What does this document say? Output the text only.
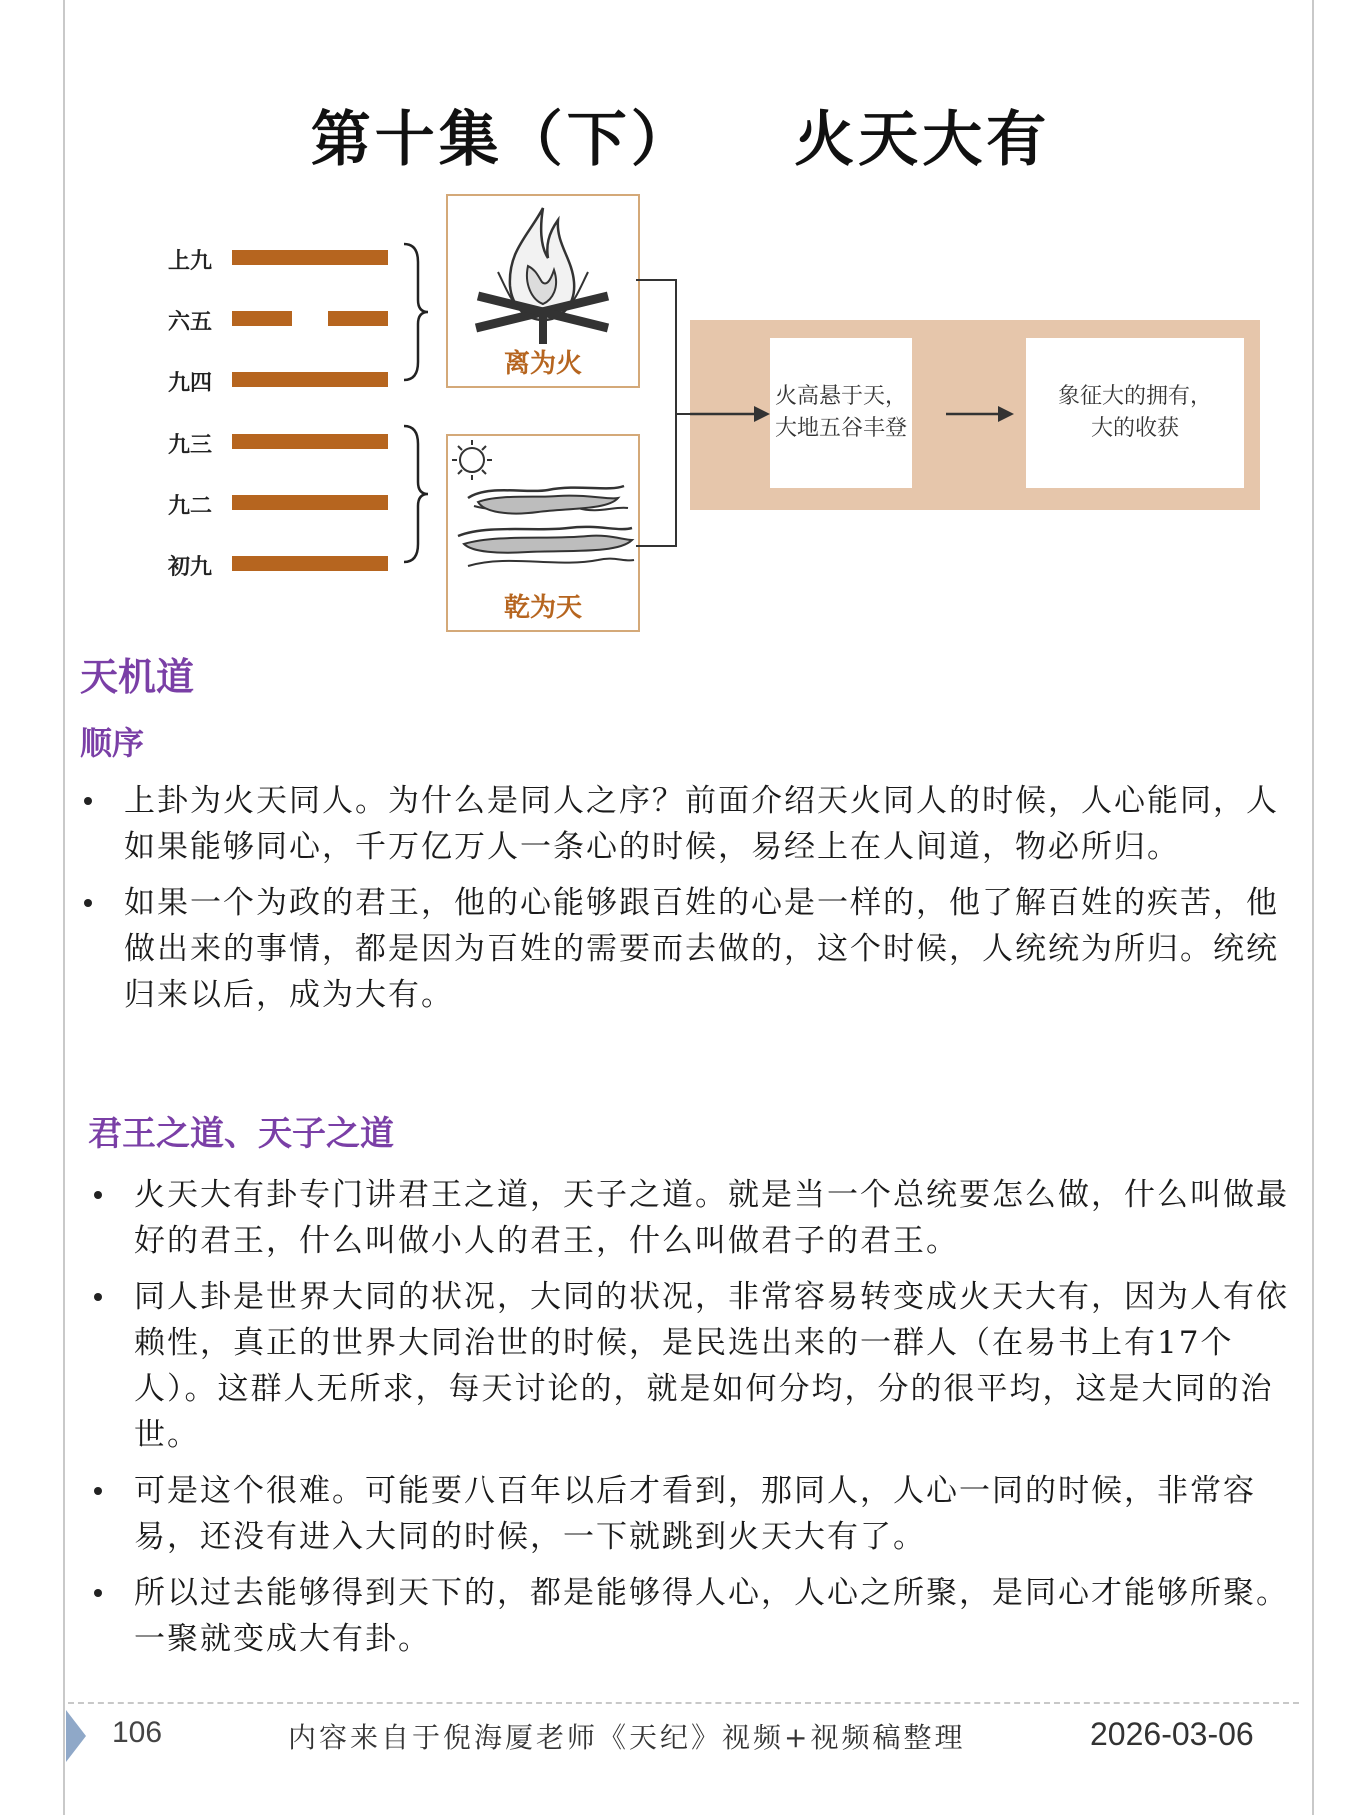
第十集（下）    火天大有
上九
六五
九四
九三
九二
初九
离为火
乾为天
火高悬于天，
大地五谷丰登
象征大的拥有，
大的收获
天机道
顺序
上卦为火天同人。为什么是同人之序？前面介绍天火同人的时候，人心能同，人如果能够同心，千万亿万人一条心的时候，易经上在人间道，物必所归。
如果一个为政的君王，他的心能够跟百姓的心是一样的，他了解百姓的疾苦，他做出来的事情，都是因为百姓的需要而去做的，这个时候，人统统为所归。统统归来以后，成为大有。
君王之道、天子之道
火天大有卦专门讲君王之道，天子之道。就是当一个总统要怎么做，什么叫做最好的君王，什么叫做小人的君王，什么叫做君子的君王。
同人卦是世界大同的状况，大同的状况，非常容易转变成火天大有，因为人有依赖性，真正的世界大同治世的时候，是民选出来的一群人（在易书上有17个人）。这群人无所求，每天讨论的，就是如何分均，分的很平均，这是大同的治世。
可是这个很难。可能要八百年以后才看到，那同人，人心一同的时候，非常容易，还没有进入大同的时候，一下就跳到火天大有了。
所以过去能够得到天下的，都是能够得人心，人心之所聚，是同心才能够所聚。一聚就变成大有卦。
106	内容来自于倪海厦老师《天纪》视频+视频稿整理	2026-03-06
